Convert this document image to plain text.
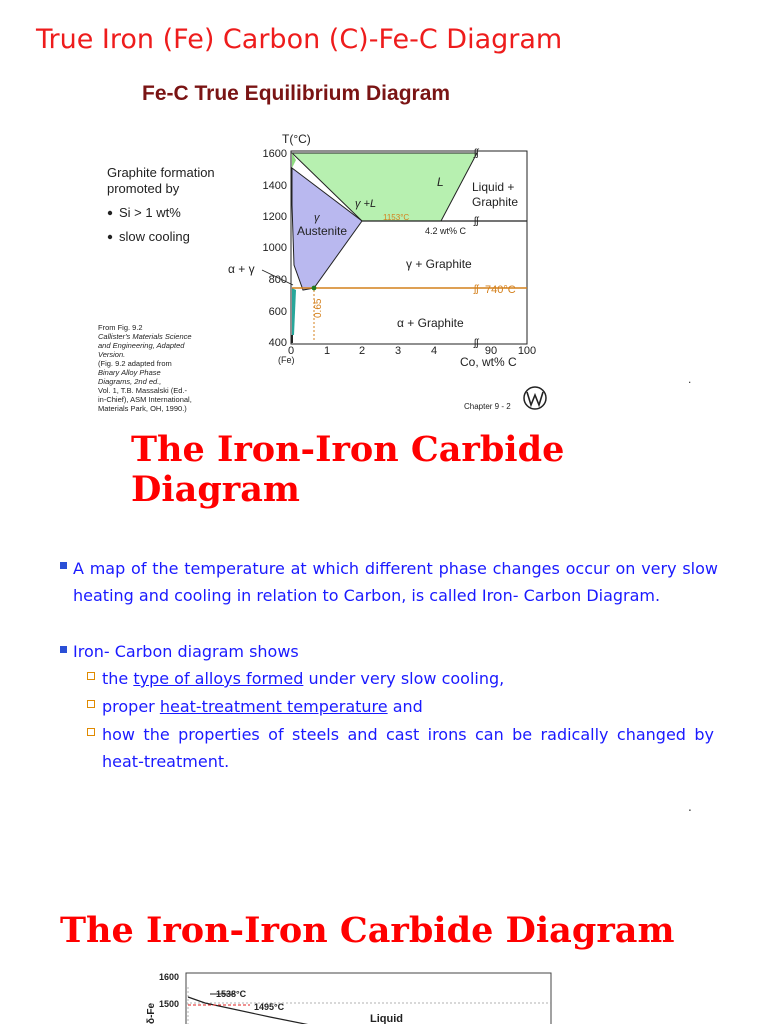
True Iron (Fe) Carbon (C)-Fe-C Diagram
Fe-C True Equilibrium Diagram
Graphite formation
promoted by
Si > 1 wt%
slow cooling
T(°C)
1600
1400
1200
1000
800
600
400
0	1	2	3	4	90 100
(Fe)	Co, wt% C
ʃʃ
ʃʃ
ʃʃ
ʃʃ
L Liquid +
Graphite
γ +L
γ
Austenite
γ + Graphite
α + γ
α + Graphite
1153°C
4.2 wt% C
740°C
0.65
From Fig. 9.2
Callister's Materials Science
and Engineering, Adapted
Version.
(Fig. 9.2 adapted from
Binary Alloy Phase
Diagrams, 2nd ed.,
Vol. 1, T.B. Massalski (Ed.-
in-Chief), ASM International,
Materials Park, OH, 1990.)	Chapter 9 - 2
.
The Iron-Iron Carbide Diagram
A map of the temperature at which different phase changes occur on very slow heating and cooling in relation to Carbon, is called Iron- Carbon Diagram.
Iron- Carbon diagram shows
the type of alloys formed under very slow cooling,
proper heat-treatment temperature and
how the properties of steels and cast irons can be radically changed by heat-treatment.
.
The Iron-Iron Carbide Diagram
1600
1500
1538°C
1495°C
Liquid
δ-Fe
